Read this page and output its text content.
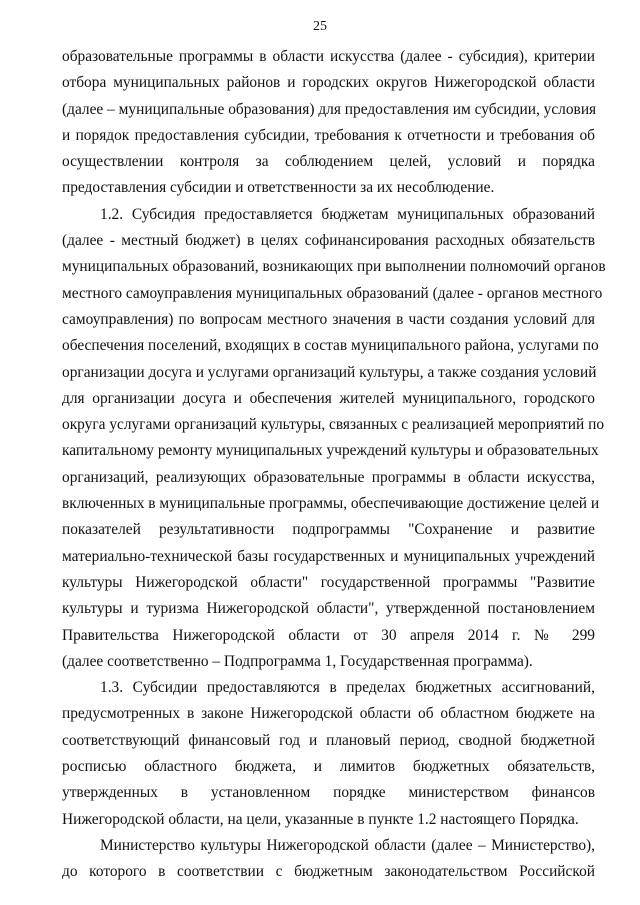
25
образовательные программы в области искусства (далее - субсидия), критерии
отбора муниципальных районов и городских округов Нижегородской области
(далее – муниципальные образования) для предоставления им субсидии, условия
и порядок предоставления субсидии, требования к отчетности и требования об
осуществлении контроля за соблюдением целей, условий и порядка
предоставления субсидии и ответственности за их несоблюдение.
1.2. Субсидия предоставляется бюджетам муниципальных образований
(далее - местный бюджет) в целях софинансирования расходных обязательств
муниципальных образований, возникающих при выполнении полномочий органов
местного самоуправления муниципальных образований (далее - органов местного
самоуправления) по вопросам местного значения в части создания условий для
обеспечения поселений, входящих в состав муниципального района, услугами по
организации досуга и услугами организаций культуры, а также создания условий
для организации досуга и обеспечения жителей муниципального, городского
округа услугами организаций культуры, связанных с реализацией мероприятий по
капитальному ремонту муниципальных учреждений культуры и образовательных
организаций, реализующих образовательные программы в области искусства,
включенных в муниципальные программы, обеспечивающие достижение целей и
показателей результативности подпрограммы "Сохранение и развитие
материально-технической базы государственных и муниципальных учреждений
культуры Нижегородской области" государственной программы "Развитие
культуры и туризма Нижегородской области", утвержденной постановлением
Правительства Нижегородской области от 30 апреля 2014 г. № 299
(далее соответственно – Подпрограмма 1, Государственная программа).
1.3. Субсидии предоставляются в пределах бюджетных ассигнований,
предусмотренных в законе Нижегородской области об областном бюджете на
соответствующий финансовый год и плановый период, сводной бюджетной
росписью областного бюджета, и лимитов бюджетных обязательств,
утвержденных в установленном порядке министерством финансов
Нижегородской области, на цели, указанные в пункте 1.2 настоящего Порядка.
Министерство культуры Нижегородской области (далее – Министерство),
до которого в соответствии с бюджетным законодательством Российской
